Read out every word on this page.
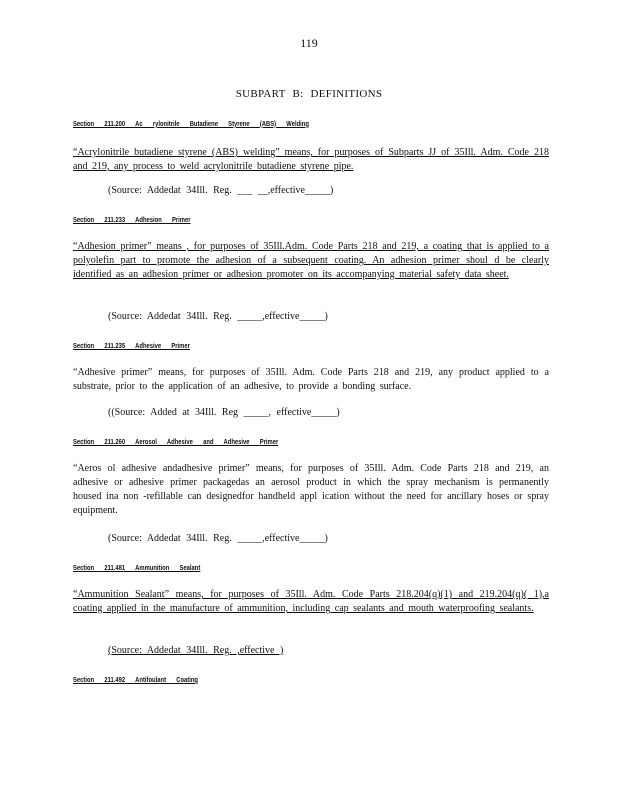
119
SUBPART B: DEFINITIONS
Section 211.200 Ac rylonitrile Butadiene Styrene (ABS) Welding
“Acrylonitrile butadiene styrene (ABS) welding” means, for purposes of Subparts JJ of 35Ill. Adm. Code 218 and 219, any process to weld acrylonitrile butadiene styrene pipe.
(Source: Addedat 34Ill. Reg. ___ __,effective_____)
Section 211.233 Adhesion Primer
“Adhesion primer” means , for purposes of 35Ill.Adm. Code Parts 218 and 219, a coating that is applied to a polyolefin part to promote the adhesion of a subsequent coating. An adhesion primer shoul d be clearly identified as an adhesion primer or adhesion promoter on its accompanying material safety data sheet.
(Source: Addedat 34Ill. Reg. _____,effective_____)
Section 211.235 Adhesive Primer
“Adhesive primer” means, for purposes of 35Ill. Adm. Code Parts 218 and 219, any product applied to a substrate, prior to the application of an adhesive, to provide a bonding surface.
((Source: Added at 34Ill. Reg _____, effective_____)
Section 211.260 Aerosol Adhesive and Adhesive Primer
“Aeros ol adhesive andadhesive primer” means, for purposes of 35Ill. Adm. Code Parts 218 and 219, an adhesive or adhesive primer packagedas an aerosol product in which the spray mechanism is permanently housed ina non -refillable can designedfor handheld appl ication without the need for ancillary hoses or spray equipment.
(Source: Addedat 34Ill. Reg. _____,effective_____)
Section 211.481 Ammunition Sealant
“Ammunition Sealant” means, for purposes of 35Ill. Adm. Code Parts 218.204(q)(1) and 219.204(q)( 1),a coating applied in the manufacture of ammunition, including cap sealants and mouth waterproofing sealants.
(Source: Addedat 34Ill. Reg. ,effective )
Section 211.492 Antifoulant Coating
